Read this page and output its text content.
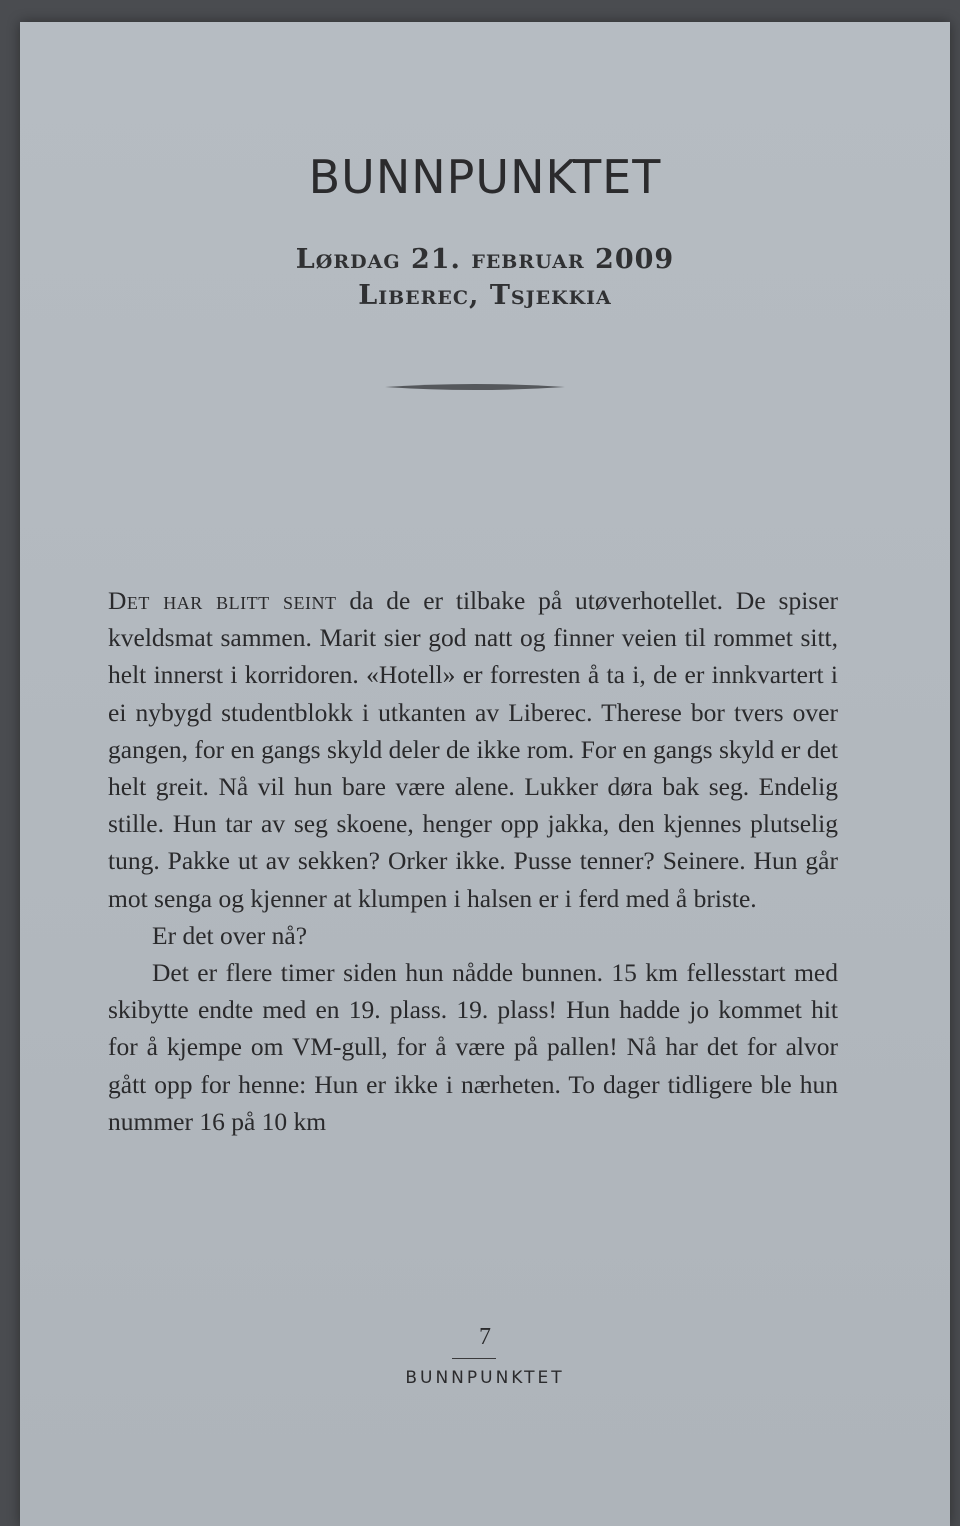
BUNNPUNKTET
Lørdag 21. februar 2009
Liberec, Tsjekkia

Det har blitt seint da de er tilbake på utøverhotellet. De spiser kveldsmat sammen. Marit sier god natt og finner veien til rommet sitt, helt innerst i korridoren. «Hotell» er forresten å ta i, de er innkvartert i ei nybygd studentblokk i utkanten av Liberec. Therese bor tvers over gangen, for en gangs skyld deler de ikke rom. For en gangs skyld er det helt greit. Nå vil hun bare være alene. Lukker døra bak seg. Endelig stille. Hun tar av seg skoene, henger opp jakka, den kjennes plutselig tung. Pakke ut av sekken? Orker ikke. Pusse tenner? Seinere. Hun går mot senga og kjenner at klumpen i halsen er i ferd med å briste.

Er det over nå?

Det er flere timer siden hun nådde bunnen. 15 km fellesstart med skibytte endte med en 19. plass. 19. plass! Hun hadde jo kommet hit for å kjempe om VM-gull, for å være på pallen! Nå har det for alvor gått opp for henne: Hun er ikke i nærheten. To dager tidligere ble hun nummer 16 på 10 km

7
BUNNPUNKTET
